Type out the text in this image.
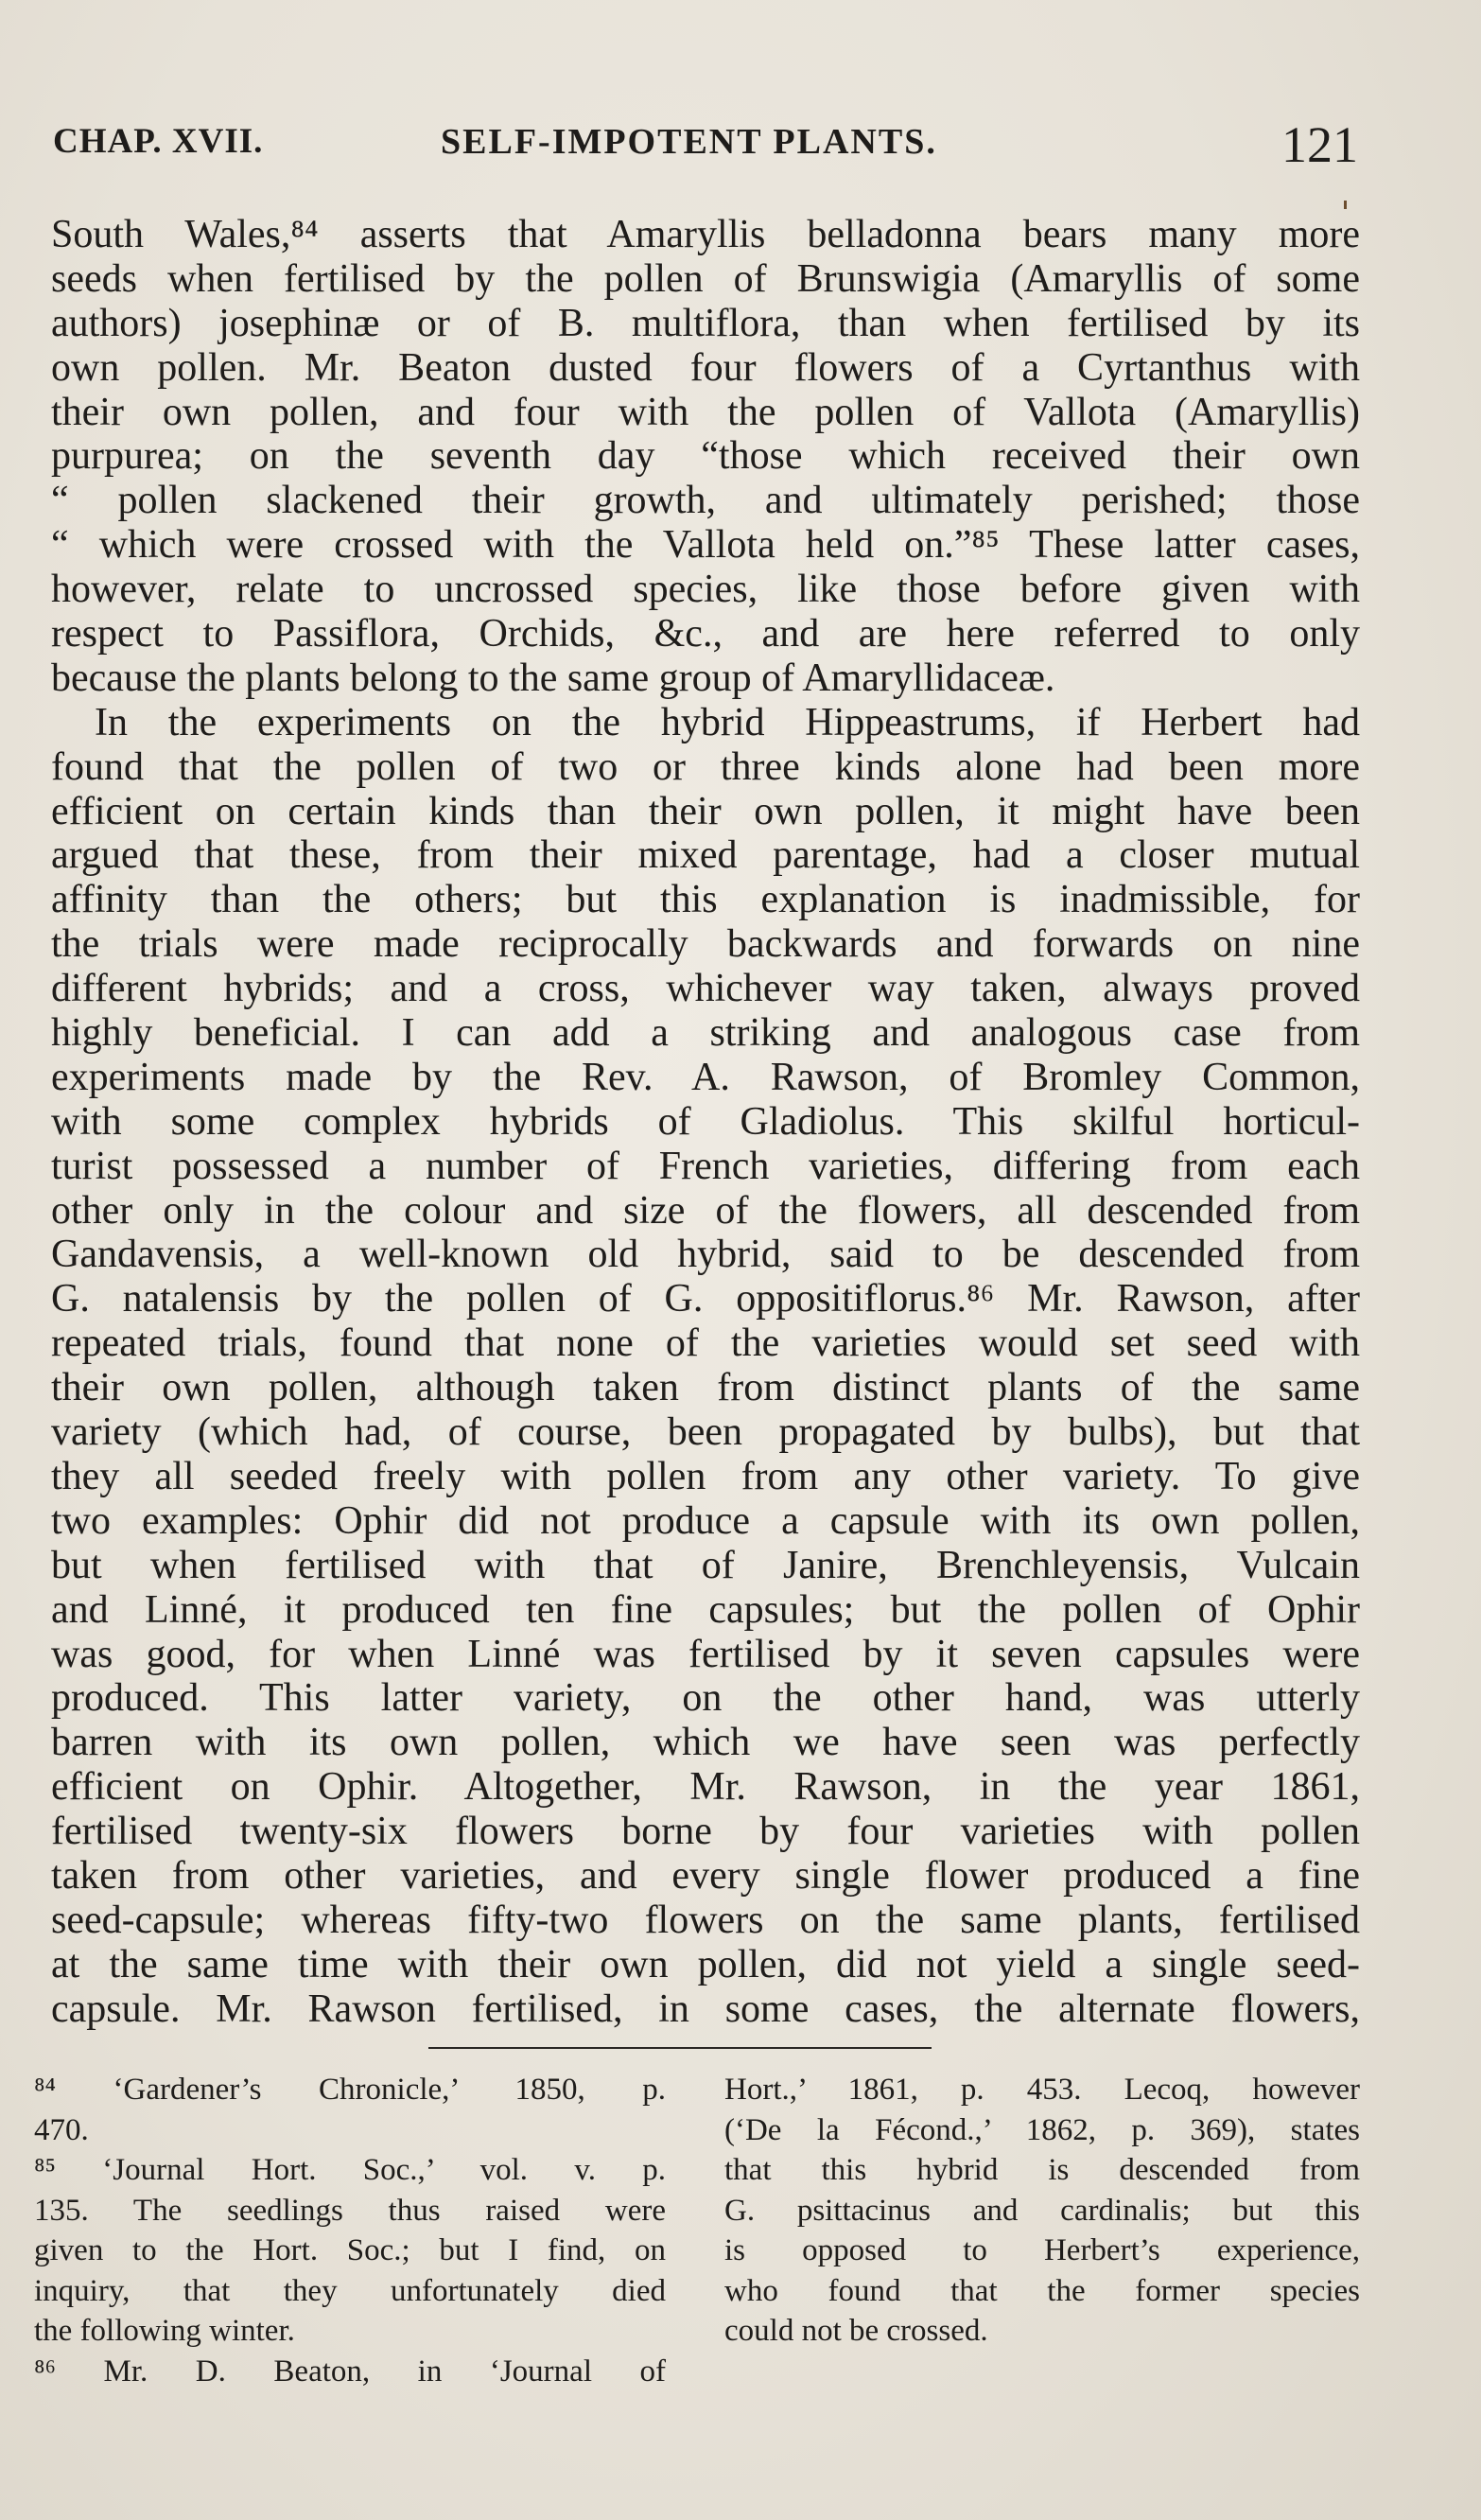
CHAP. XVII.	SELF-IMPOTENT PLANTS.	121
South Wales,⁸⁴ asserts that Amaryllis belladonna bears many more
seeds when fertilised by the pollen of Brunswigia (Amaryllis of some
authors) josephinæ or of B. multiflora, than when fertilised by its
own pollen. Mr. Beaton dusted four flowers of a Cyrtanthus with
their own pollen, and four with the pollen of Vallota (Amaryllis)
purpurea; on the seventh day “those which received their own
“ pollen slackened their growth, and ultimately perished; those
“ which were crossed with the Vallota held on.”⁸⁵ These latter cases,
however, relate to uncrossed species, like those before given with
respect to Passiflora, Orchids, &c., and are here referred to only
because the plants belong to the same group of Amaryllidaceæ.
In the experiments on the hybrid Hippeastrums, if Herbert had
found that the pollen of two or three kinds alone had been more
efficient on certain kinds than their own pollen, it might have been
argued that these, from their mixed parentage, had a closer mutual
affinity than the others; but this explanation is inadmissible, for
the trials were made reciprocally backwards and forwards on nine
different hybrids; and a cross, whichever way taken, always proved
highly beneficial. I can add a striking and analogous case from
experiments made by the Rev. A. Rawson, of Bromley Common,
with some complex hybrids of Gladiolus. This skilful horticul-
turist possessed a number of French varieties, differing from each
other only in the colour and size of the flowers, all descended from
Gandavensis, a well-known old hybrid, said to be descended from
G. natalensis by the pollen of G. oppositiflorus.⁸⁶ Mr. Rawson, after
repeated trials, found that none of the varieties would set seed with
their own pollen, although taken from distinct plants of the same
variety (which had, of course, been propagated by bulbs), but that
they all seeded freely with pollen from any other variety. To give
two examples: Ophir did not produce a capsule with its own pollen,
but when fertilised with that of Janire, Brenchleyensis, Vulcain
and Linné, it produced ten fine capsules; but the pollen of Ophir
was good, for when Linné was fertilised by it seven capsules were
produced. This latter variety, on the other hand, was utterly
barren with its own pollen, which we have seen was perfectly
efficient on Ophir. Altogether, Mr. Rawson, in the year 1861,
fertilised twenty-six flowers borne by four varieties with pollen
taken from other varieties, and every single flower produced a fine
seed-capsule; whereas fifty-two flowers on the same plants, fertilised
at the same time with their own pollen, did not yield a single seed-
capsule. Mr. Rawson fertilised, in some cases, the alternate flowers,
⁸⁴ ‘Gardener’s Chronicle,’ 1850, p.
470.
⁸⁵ ‘Journal Hort. Soc.,’ vol. v. p.
135. The seedlings thus raised were
given to the Hort. Soc.; but I find, on
inquiry, that they unfortunately died
the following winter.
⁸⁶ Mr. D. Beaton, in ‘Journal of
Hort.,’ 1861, p. 453. Lecoq, however
(‘De la Fécond.,’ 1862, p. 369), states
that this hybrid is descended from
G. psittacinus and cardinalis; but this
is opposed to Herbert’s experience,
who found that the former species
could not be crossed.
